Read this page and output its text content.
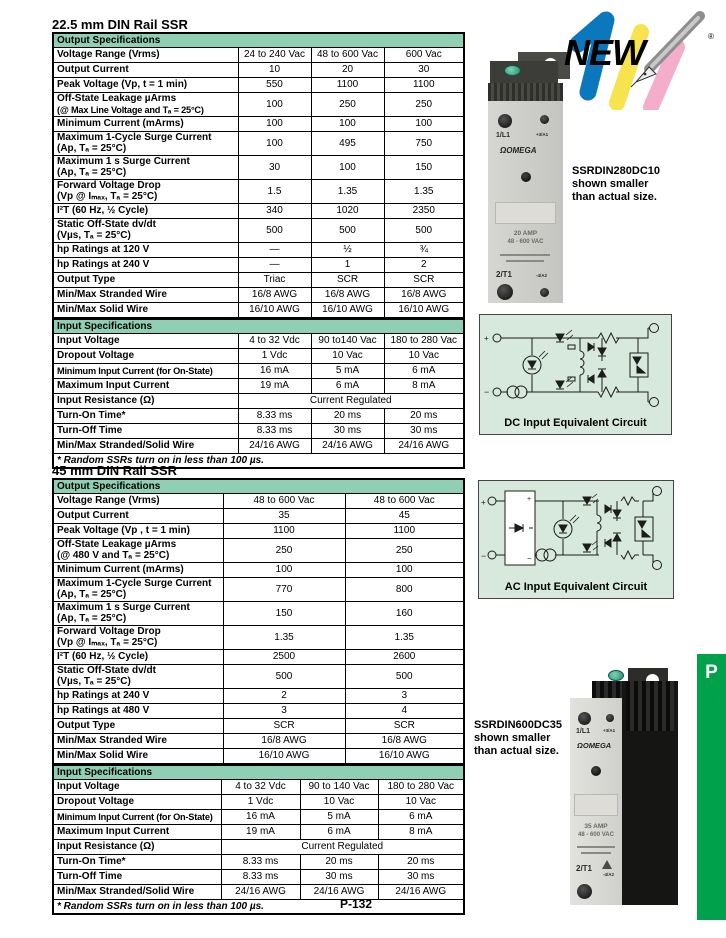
22.5 mm DIN Rail SSR
Output Specifications			

Voltage Range (Vrms)	24 to 240 Vac	48 to 600 Vac	600 Vac

Output Current	10	20	30

Peak Voltage (Vp, t = 1 min)	550	1100	1100

Off-State Leakage µArms
(@ Max Line Voltage and Tₐ = 25°C)	100	250	250

Minimum Current (mArms)	100	100	100

Maximum 1-Cycle Surge Current
(Ap, Tₐ = 25°C)	100	495	750

Maximum 1 s Surge Current
(Ap, Tₐ = 25°C)	30	100	150

Forward Voltage Drop
(Vp @ Iₘₐₓ, Tₐ = 25°C)	1.5	1.35	1.35

I²T (60 Hz, ½ Cycle)	340	1020	2350

Static Off-State dv/dt
(Vµs, Tₐ = 25°C)	500	500	500

hp Ratings at 120 V	—	½	¾

hp Ratings at 240 V	—	1	2

Output Type	Triac	SCR	SCR

Min/Max Stranded Wire	16/8 AWG	16/8 AWG	16/8 AWG

Min/Max Solid Wire	16/10 AWG	16/10 AWG	16/10 AWG
Input Specifications			

Input Voltage	4 to 32 Vdc	90 to140 Vac	180 to 280 Vac

Dropout Voltage	1 Vdc	10 Vac	10 Vac

Minimum Input Current (for On-State)	16 mA	5 mA	6 mA

Maximum Input Current	19 mA	6 mA	8 mA

Input Resistance (Ω)	Current Regulated		

Turn-On Time*	8.33 ms	20 ms	20 ms

Turn-Off Time	8.33 ms	30 ms	30 ms

Min/Max Stranded/Solid Wire	24/16 AWG	24/16 AWG	24/16 AWG
* Random SSRs turn on in less than 100 µs.			
45 mm DIN Rail SSR
Output Specifications		

Voltage Range (Vrms)	48 to 600 Vac	48 to 600 Vac

Output Current	35	45

Peak Voltage (Vp , t = 1 min)	1100	1100

Off-State Leakage µArms
(@ 480 V and Tₐ = 25°C)	250	250

Minimum Current (mArms)	100	100

Maximum 1-Cycle Surge Current
(Ap, Tₐ = 25°C)	770	800

Maximum 1 s Surge Current
(Ap, Tₐ = 25°C)	150	160

Forward Voltage Drop
(Vp @ Iₘₐₓ, Tₐ = 25°C)	1.35	1.35

I²T (60 Hz, ½ Cycle)	2500	2600

Static Off-State dv/dt
(Vµs, Tₐ = 25°C)	500	500

hp Ratings at 240 V	2	3

hp Ratings at 480 V	3	4

Output Type	SCR	SCR

Min/Max Stranded Wire	16/8 AWG	16/8 AWG

Min/Max Solid Wire	16/10 AWG	16/10 AWG
Input Specifications			

Input Voltage	4 to 32 Vdc	90 to 140 Vac	180 to 280 Vac

Dropout Voltage	1 Vdc	10 Vac	10 Vac

Minimum Input Current (for On-State)	16 mA	5 mA	6 mA

Maximum Input Current	19 mA	6 mA	8 mA

Input Resistance (Ω)	Current Regulated		

Turn-On Time*	8.33 ms	20 ms	20 ms

Turn-Off Time	8.33 ms	30 ms	30 ms

Min/Max Stranded/Solid Wire	24/16 AWG	24/16 AWG	24/16 AWG
* Random SSRs turn on in less than 100 µs.			
NEW	®
1/L1	+3/A1
ΩOMEGA
20 AMP
48 - 600 VAC
2/T1	-4/A2
SSRDIN280DC10
shown smaller
than actual size.
+
−
DC Input Equivalent Circuit
+
−
+
−
AC Input Equivalent Circuit
SSRDIN600DC35
shown smaller
than actual size.
1/L1	+3/A1
ΩOMEGA
35 AMP
48 - 600 VAC
2/T1
-4/A2
P
P-132
